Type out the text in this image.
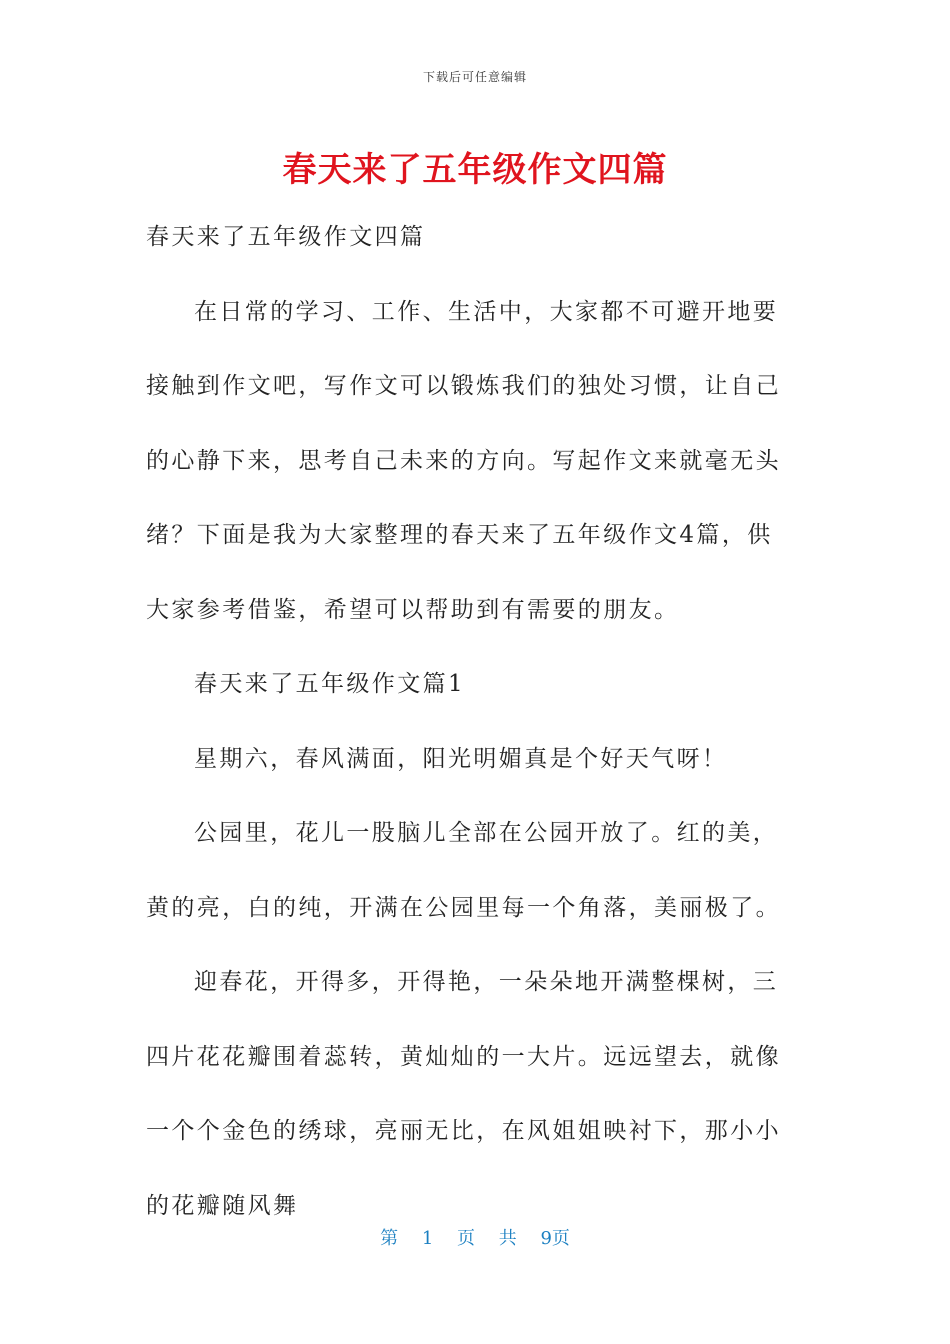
下载后可任意编辑
春天来了五年级作文四篇

春天来了五年级作文四篇

在日常的学习、工作、生活中，大家都不可避开地要接触到作文吧，写作文可以锻炼我们的独处习惯，让自己的心静下来，思考自己未来的方向。写起作文来就毫无头绪？下面是我为大家整理的春天来了五年级作文4篇，供大家参考借鉴，希望可以帮助到有需要的朋友。

春天来了五年级作文篇1

星期六，春风满面，阳光明媚真是个好天气呀！

公园里，花儿一股脑儿全部在公园开放了。红的美，黄的亮，白的纯，开满在公园里每一个角落，美丽极了。

迎春花，开得多，开得艳，一朵朵地开满整棵树，三四片花花瓣围着蕊转，黄灿灿的一大片。远远望去，就像一个个金色的绣球，亮丽无比，在风姐姐映衬下，那小小的花瓣随风舞

第 1 页 共 9页
